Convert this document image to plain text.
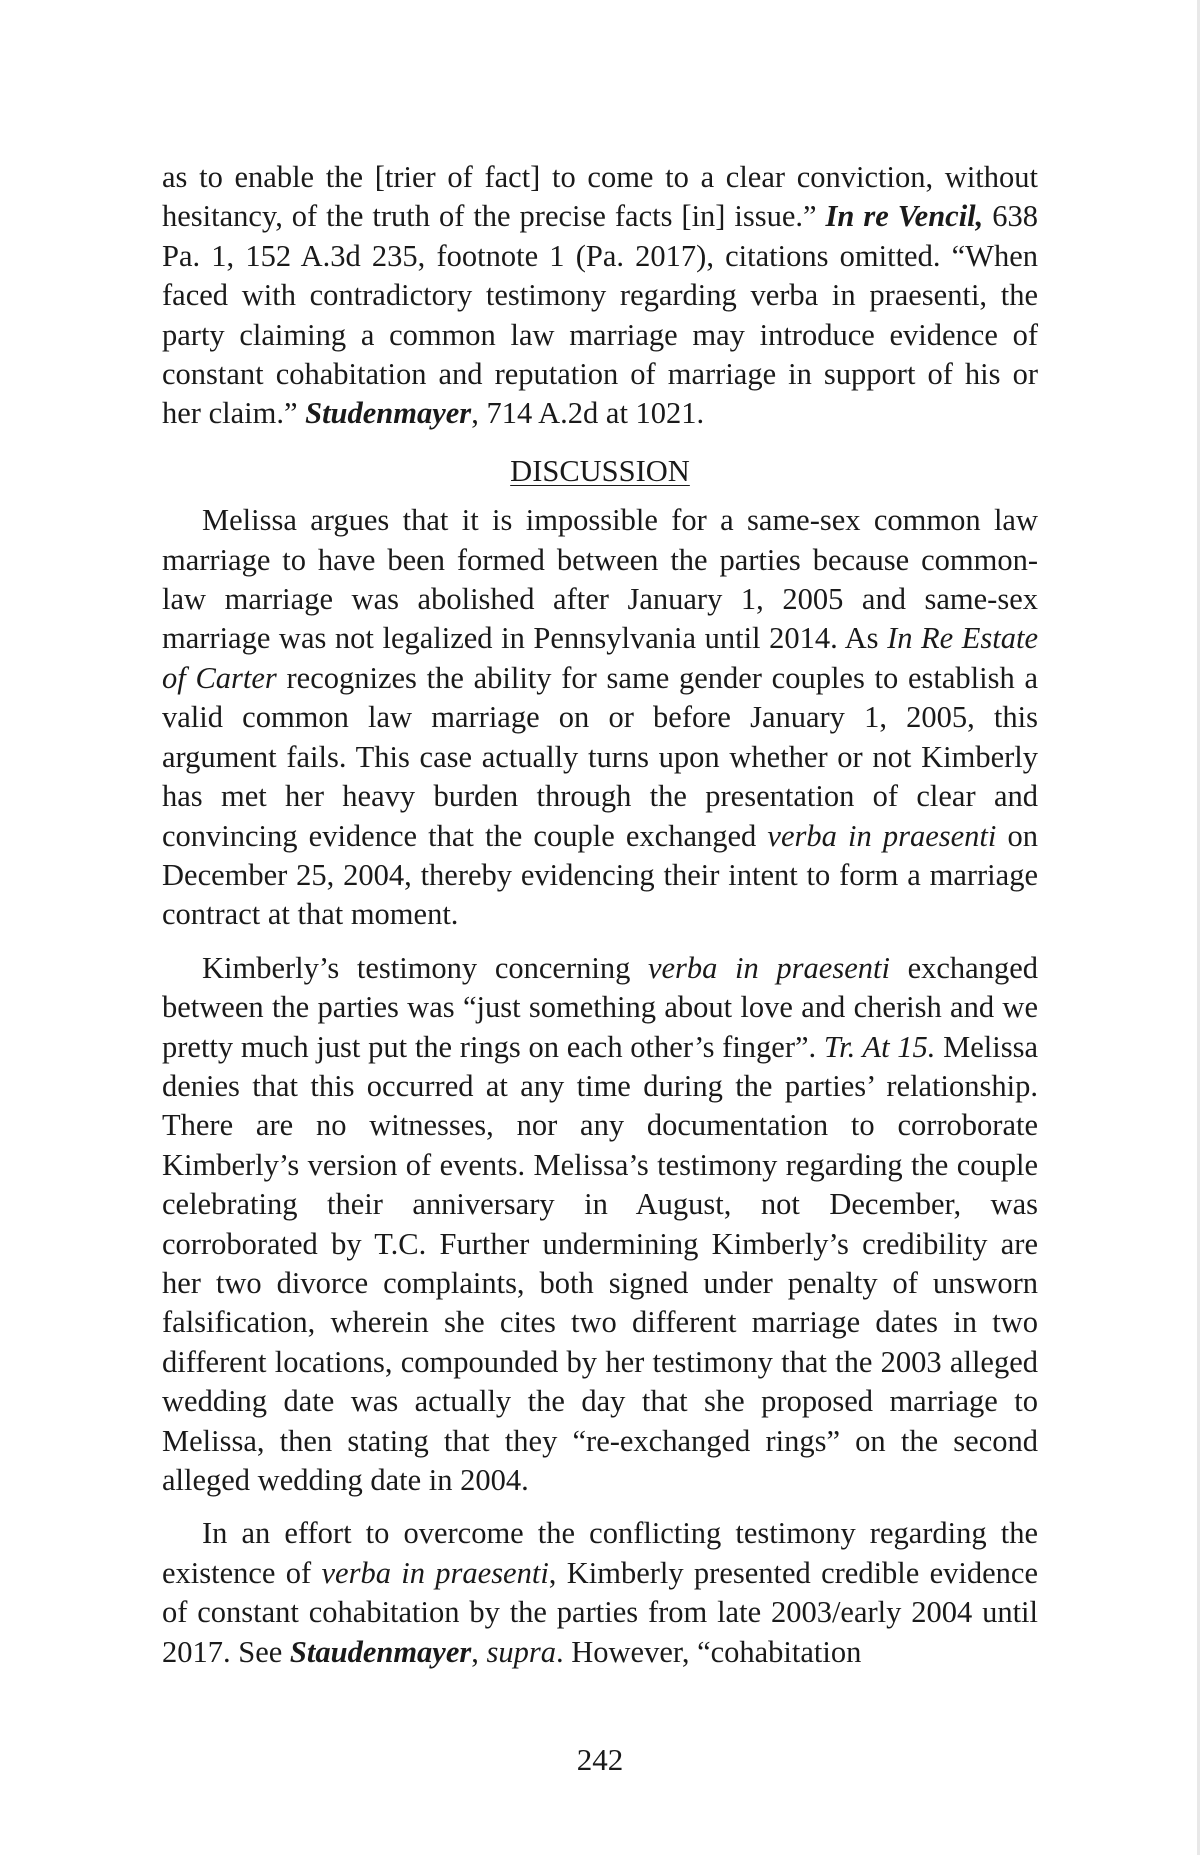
as to enable the [trier of fact] to come to a clear conviction, without hesitancy, of the truth of the precise facts [in] issue.” In re Vencil, 638 Pa. 1, 152 A.3d 235, footnote 1 (Pa. 2017), citations omitted. “When faced with contradictory testimony regarding verba in praesenti, the party claiming a common law marriage may introduce evidence of constant cohabitation and reputation of marriage in support of his or her claim.” Studenmayer, 714 A.2d at 1021.

DISCUSSION

Melissa argues that it is impossible for a same-sex common law marriage to have been formed between the parties because common-law marriage was abolished after January 1, 2005 and same-sex marriage was not legalized in Pennsylvania until 2014. As In Re Estate of Carter recognizes the ability for same gender couples to establish a valid common law marriage on or before January 1, 2005, this argument fails. This case actually turns upon whether or not Kimberly has met her heavy burden through the presentation of clear and convincing evidence that the couple exchanged verba in praesenti on December 25, 2004, thereby evidencing their intent to form a marriage contract at that moment.

Kimberly’s testimony concerning verba in praesenti exchanged between the parties was “just something about love and cherish and we pretty much just put the rings on each other’s finger”. Tr. At 15. Melissa denies that this occurred at any time during the parties’ relationship. There are no witnesses, nor any documentation to corroborate Kimberly’s version of events. Melissa’s testimony regarding the couple celebrating their anniversary in August, not December, was corroborated by T.C. Further undermining Kimberly’s credibility are her two divorce complaints, both signed under penalty of unsworn falsification, wherein she cites two different marriage dates in two different locations, compounded by her testimony that the 2003 alleged wedding date was actually the day that she proposed marriage to Melissa, then stating that they “re-exchanged rings” on the second alleged wedding date in 2004.

In an effort to overcome the conflicting testimony regarding the existence of verba in praesenti, Kimberly presented credible evidence of constant cohabitation by the parties from late 2003/early 2004 until 2017. See Staudenmayer, supra. However, “cohabitation

242
